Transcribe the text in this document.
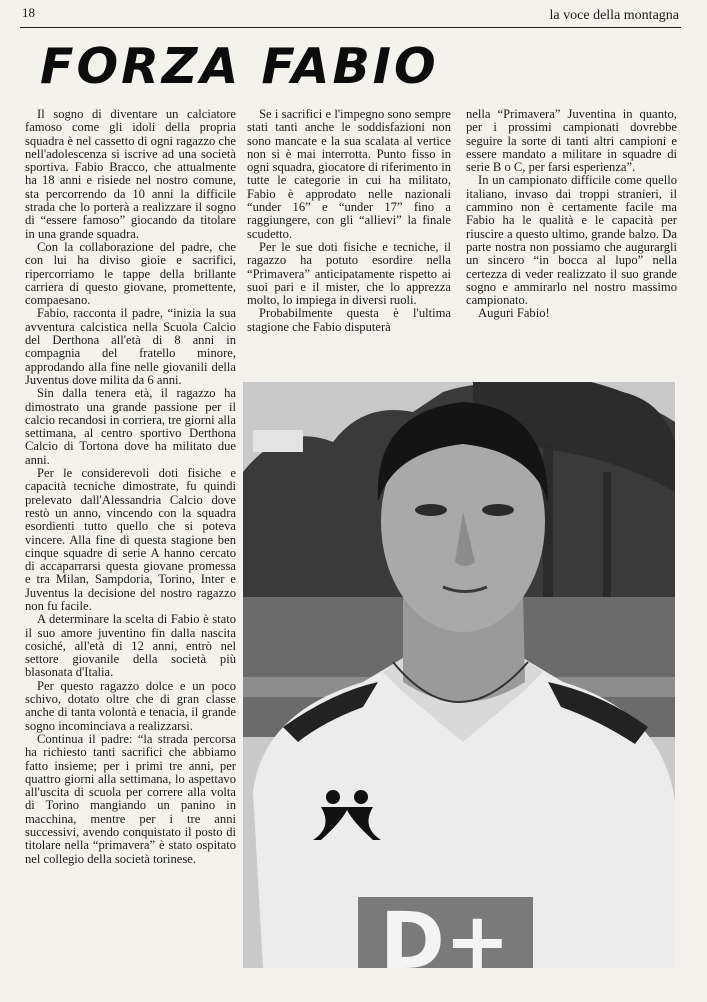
18	la voce della montagna
FORZA FABIO

Il sogno di diventare un calciatore famoso come gli idoli della propria squadra è nel cassetto di ogni ragazzo che nell'adolescenza si iscrive ad una società sportiva. Fabio Bracco, che attualmente ha 18 anni e risiede nel nostro comune, sta percorrendo da 10 anni la difficile strada che lo porterà a realizzare il sogno di “essere famoso” giocando da titolare in una grande squadra.

Con la collaborazione del padre, che con lui ha diviso gioie e sacrifici, ripercorriamo le tappe della brillante carriera di questo giovane, promettente, compaesano.

Fabio, racconta il padre, “inizia la sua avventura calcistica nella Scuola Calcio del Derthona all'età di 8 anni in compagnia del fratello minore, approdando alla fine nelle giovanili della Juventus dove milita da 6 anni.

Sin dalla tenera età, il ragazzo ha dimostrato una grande passione per il calcio recandosi in corriera, tre giorni alla settimana, al centro sportivo Derthona Calcio di Tortona dove ha militato due anni.

Per le considerevoli doti fisiche e capacità tecniche dimostrate, fu quindi prelevato dall'Alessandria Calcio dove restò un anno, vincendo con la squadra esordienti tutto quello che si poteva vincere. Alla fine di questa stagione ben cinque squadre di serie A hanno cercato di accaparrarsi questa giovane promessa e tra Milan, Sampdoria, Torino, Inter e Juventus la decisione del nostro ragazzo non fu facile.

A determinare la scelta di Fabio è stato il suo amore juventino fin dalla nascita cosiché, all'età di 12 anni, entrò nel settore giovanile della società più blasonata d'Italia.

Per questo ragazzo dolce e un poco schivo, dotato oltre che di gran classe anche di tanta volontà e tenacia, il grande sogno incominciava a realizzarsi.

Continua il padre: “la strada percorsa ha richiesto tanti sacrifici che abbiamo fatto insieme; per i primi tre anni, per quattro giorni alla settimana, lo aspettavo all'uscita di scuola per correre alla volta di Torino mangiando un panino in macchina, mentre per i tre anni successivi, avendo conquistato il posto di titolare nella “primavera” è stato ospitato nel collegio della società torinese.

Se i sacrifici e l'impegno sono sempre stati tanti anche le soddisfazioni non sono mancate e la sua scalata al vertice non si è mai interrotta. Punto fisso in ogni squadra, giocatore di riferimento in tutte le categorie in cui ha militato, Fabio è approdato nelle nazionali “under 16” e “under 17” fino a raggiungere, con gli “allievi” la finale scudetto.

Per le sue doti fisiche e tecniche, il ragazzo ha potuto esordire nella “Primavera” anticipatamente rispetto ai suoi pari e il mister, che lo apprezza molto, lo impiega in diversi ruoli.

Probabilmente questa è l'ultima stagione che Fabio disputerà

nella “Primavera” Juventina in quanto, per i prossimi campionati dovrebbe seguire la sorte di tanti altri campioni e essere mandato a militare in squadre di serie B o C, per farsi esperienza”.

In un campionato difficile come quello italiano, invaso dai troppi stranieri, il cammino non è certamente facile ma Fabio ha le qualità e le capacità per riuscire a questo ultimo, grande balzo. Da parte nostra non possiamo che augurargli un sincero “in bocca al lupo” nella certezza di veder realizzato il suo grande sogno e ammirarlo nel nostro massimo campionato.

Auguri Fabio!

D+
